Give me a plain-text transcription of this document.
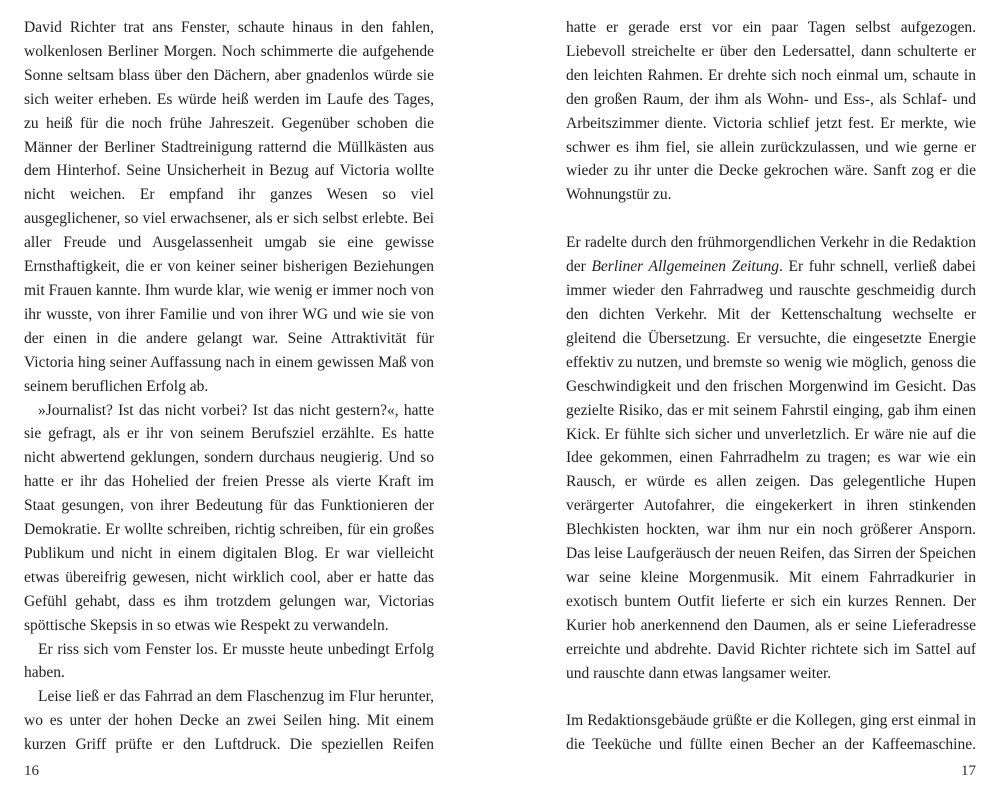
David Richter trat ans Fenster, schaute hinaus in den fahlen, wolkenlosen Berliner Morgen. Noch schimmerte die aufgehende Sonne seltsam blass über den Dächern, aber gnadenlos würde sie sich weiter erheben. Es würde heiß werden im Laufe des Tages, zu heiß für die noch frühe Jahreszeit. Gegenüber schoben die Männer der Berliner Stadtreinigung ratternd die Müllkästen aus dem Hinterhof. Seine Unsicherheit in Bezug auf Victoria wollte nicht weichen. Er empfand ihr ganzes Wesen so viel ausgeglichener, so viel erwachsener, als er sich selbst erlebte. Bei aller Freude und Ausgelassenheit umgab sie eine gewisse Ernsthaftigkeit, die er von keiner seiner bisherigen Beziehungen mit Frauen kannte. Ihm wurde klar, wie wenig er immer noch von ihr wusste, von ihrer Familie und von ihrer WG und wie sie von der einen in die andere gelangt war. Seine Attraktivität für Victoria hing seiner Auffassung nach in einem gewissen Maß von seinem beruflichen Erfolg ab.

»Journalist? Ist das nicht vorbei? Ist das nicht gestern?«, hatte sie gefragt, als er ihr von seinem Berufsziel erzählte. Es hatte nicht abwertend geklungen, sondern durchaus neugierig. Und so hatte er ihr das Hohelied der freien Presse als vierte Kraft im Staat gesungen, von ihrer Bedeutung für das Funktionieren der Demokratie. Er wollte schreiben, richtig schreiben, für ein großes Publikum und nicht in einem digitalen Blog. Er war vielleicht etwas übereifrig gewesen, nicht wirklich cool, aber er hatte das Gefühl gehabt, dass es ihm trotzdem gelungen war, Victorias spöttische Skepsis in so etwas wie Respekt zu verwandeln.

Er riss sich vom Fenster los. Er musste heute unbedingt Erfolg haben.

Leise ließ er das Fahrrad an dem Flaschenzug im Flur herunter, wo es unter der hohen Decke an zwei Seilen hing. Mit einem kurzen Griff prüfte er den Luftdruck. Die speziellen Reifen

16

hatte er gerade erst vor ein paar Tagen selbst aufgezogen. Liebevoll streichelte er über den Ledersattel, dann schulterte er den leichten Rahmen. Er drehte sich noch einmal um, schaute in den großen Raum, der ihm als Wohn- und Ess-, als Schlaf- und Arbeitszimmer diente. Victoria schlief jetzt fest. Er merkte, wie schwer es ihm fiel, sie allein zurückzulassen, und wie gerne er wieder zu ihr unter die Decke gekrochen wäre. Sanft zog er die Wohnungstür zu.

Er radelte durch den frühmorgendlichen Verkehr in die Redaktion der Berliner Allgemeinen Zeitung. Er fuhr schnell, verließ dabei immer wieder den Fahrradweg und rauschte geschmeidig durch den dichten Verkehr. Mit der Kettenschaltung wechselte er gleitend die Übersetzung. Er versuchte, die eingesetzte Energie effektiv zu nutzen, und bremste so wenig wie möglich, genoss die Geschwindigkeit und den frischen Morgenwind im Gesicht. Das gezielte Risiko, das er mit seinem Fahrstil einging, gab ihm einen Kick. Er fühlte sich sicher und unverletzlich. Er wäre nie auf die Idee gekommen, einen Fahrradhelm zu tragen; es war wie ein Rausch, er würde es allen zeigen. Das gelegentliche Hupen verärgerter Autofahrer, die eingekerkert in ihren stinkenden Blechkisten hockten, war ihm nur ein noch größerer Ansporn. Das leise Laufgeräusch der neuen Reifen, das Sirren der Speichen war seine kleine Morgenmusik. Mit einem Fahrradkurier in exotisch buntem Outfit lieferte er sich ein kurzes Rennen. Der Kurier hob anerkennend den Daumen, als er seine Lieferadresse erreichte und abdrehte. David Richter richtete sich im Sattel auf und rauschte dann etwas langsamer weiter.

Im Redaktionsgebäude grüßte er die Kollegen, ging erst einmal in die Teeküche und füllte einen Becher an der Kaffeemaschine.

17
